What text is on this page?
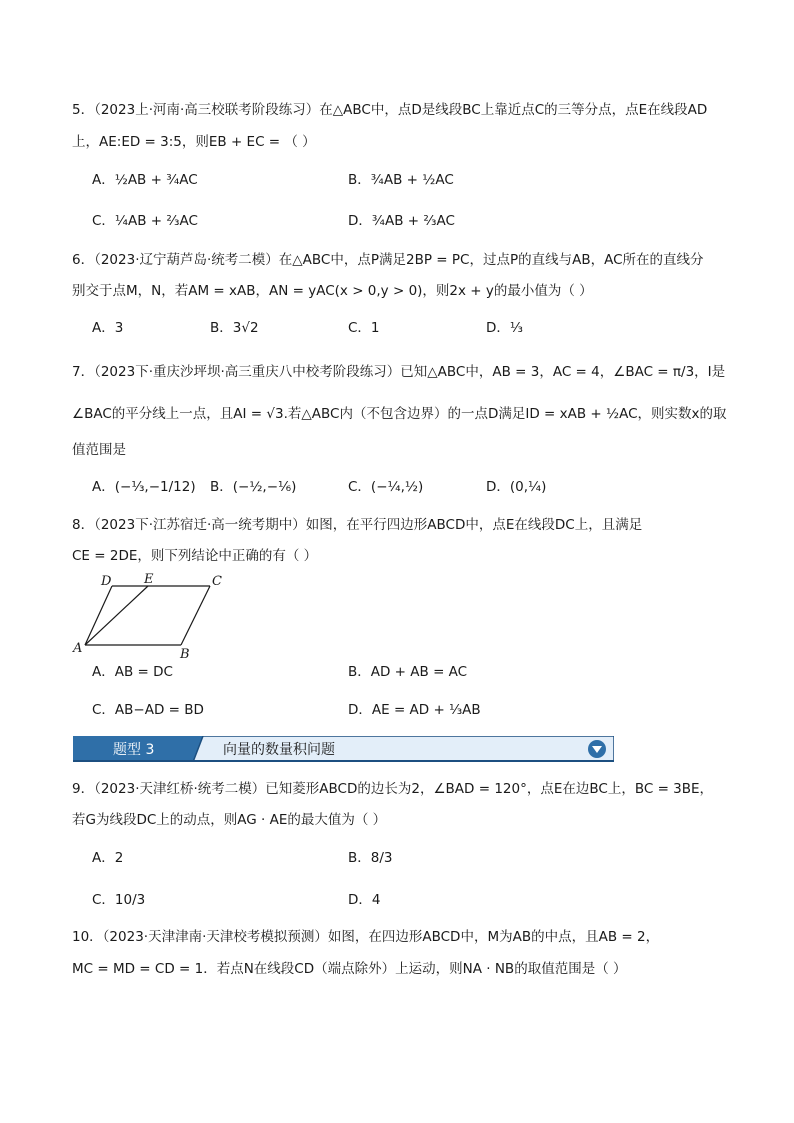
5．（2023上·河南·高三校联考阶段练习）在△ABC中，点D是线段BC上靠近点C的三等分点，点E在线段AD
上，AE:ED = 3:5，则EB + EC = （ ）
A．½AB + ¾AC	B．¾AB + ½AC
C．¼AB + ⅔AC	D．¾AB + ⅔AC
6．（2023·辽宁葫芦岛·统考二模）在△ABC中，点P满足2BP = PC，过点P的直线与AB，AC所在的直线分
别交于点M，N，若AM = xAB，AN = yAC(x > 0,y > 0)，则2x + y的最小值为（ ）
A．3	B．3√2	C．1	D．⅓
7．（2023下·重庆沙坪坝·高三重庆八中校考阶段练习）已知△ABC中，AB = 3，AC = 4，∠BAC = π/3，I是
∠BAC的平分线上一点，且AI = √3.若△ABC内（不包含边界）的一点D满足ID = xAB + ½AC，则实数x的取
值范围是
A．(−⅓,−1/12) B．(−½,−⅙)	C．(−¼,½)	D．(0,¼)
8．（2023下·江苏宿迁·高一统考期中）如图，在平行四边形ABCD中，点E在线段DC上，且满足
CE = 2DE，则下列结论中正确的有（ ）
D	E	C
A	B
A．AB = DC	B．AD + AB = AC
C．AB−AD = BD	D．AE = AD + ⅓AB
题型 3	向量的数量积问题
9．（2023·天津红桥·统考二模）已知菱形ABCD的边长为2，∠BAD = 120°，点E在边BC上，BC = 3BE，
若G为线段DC上的动点，则AG · AE的最大值为（ ）
A．2	B．8/3
C．10/3	D．4
10．（2023·天津津南·天津校考模拟预测）如图，在四边形ABCD中，M为AB的中点，且AB = 2，
MC = MD = CD = 1．若点N在线段CD（端点除外）上运动，则NA · NB的取值范围是（ ）
